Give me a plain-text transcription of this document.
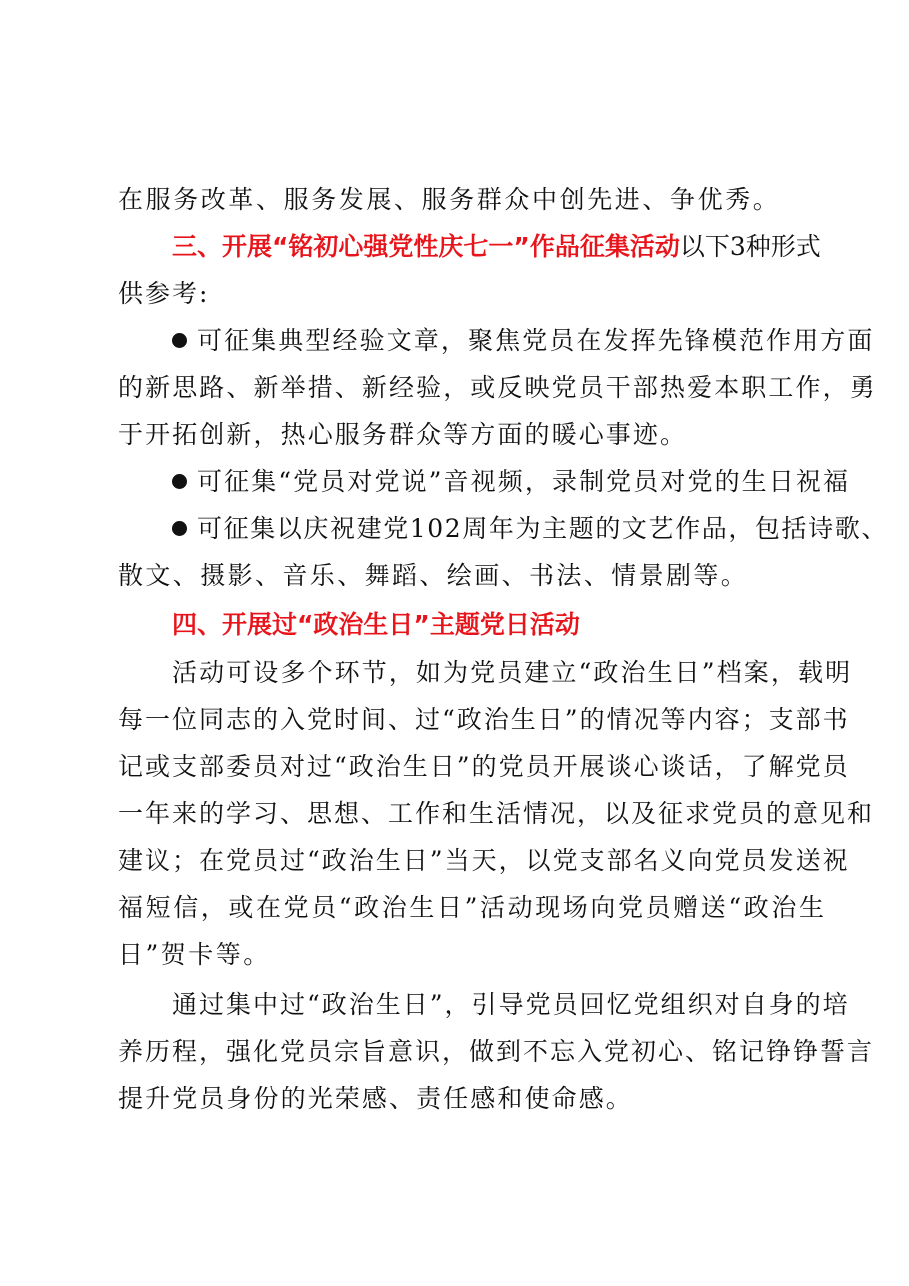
在服务改革、服务发展、服务群众中创先进、争优秀。
三、开展“铭初心强党性庆七一”作品征集活动以下3种形式
供参考:
可征集典型经验文章，聚焦党员在发挥先锋模范作用方面
的新思路、新举措、新经验，或反映党员干部热爱本职工作，勇
于开拓创新，热心服务群众等方面的暖心事迹。
可征集“党员对党说”音视频，录制党员对党的生日祝福
可征集以庆祝建党102周年为主题的文艺作品，包括诗歌、
散文、摄影、音乐、舞蹈、绘画、书法、情景剧等。
四、开展过“政治生日”主题党日活动
活动可设多个环节，如为党员建立“政治生日”档案，载明
每一位同志的入党时间、过“政治生日”的情况等内容；支部书
记或支部委员对过“政治生日”的党员开展谈心谈话，了解党员
一年来的学习、思想、工作和生活情况，以及征求党员的意见和
建议；在党员过“政治生日”当天，以党支部名义向党员发送祝
福短信，或在党员“政治生日”活动现场向党员赠送“政治生
日”贺卡等。
通过集中过“政治生日”，引导党员回忆党组织对自身的培
养历程，强化党员宗旨意识，做到不忘入党初心、铭记铮铮誓言
提升党员身份的光荣感、责任感和使命感。
